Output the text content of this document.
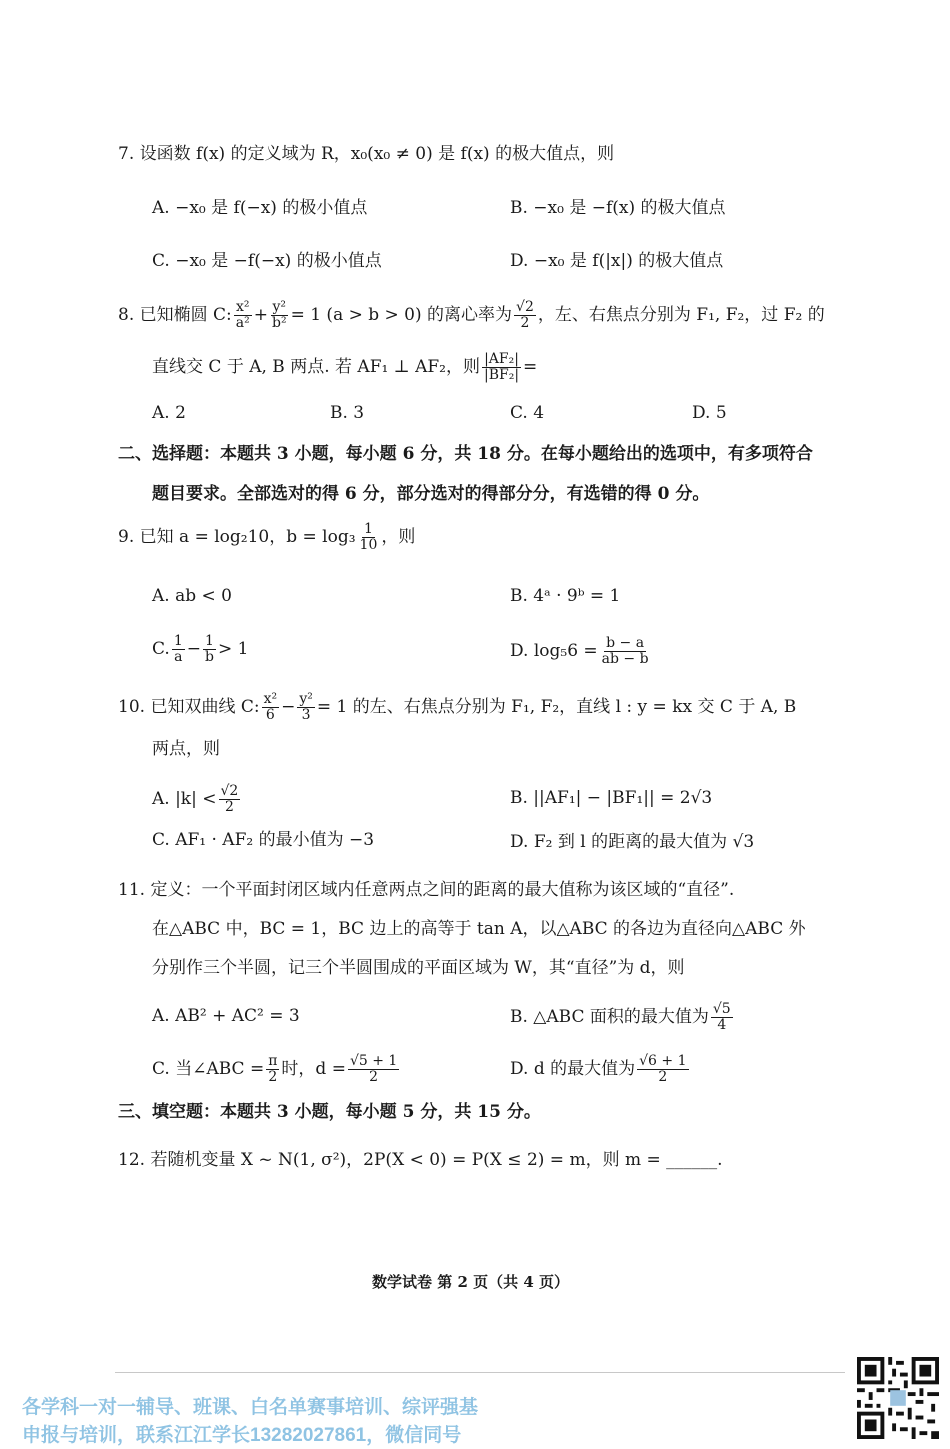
7. 设函数 f(x) 的定义域为 R，x₀(x₀ ≠ 0) 是 f(x) 的极大值点，则
A. −x₀ 是 f(−x) 的极小值点	B. −x₀ 是 −f(x) 的极大值点
C. −x₀ 是 −f(−x) 的极小值点	D. −x₀ 是 f(|x|) 的极大值点
8. 已知椭圆 C: $\frac{\text{x²}}{\text{a²}} + \frac{\text{y²}}{\text{b²}} = 1$ (a > b > 0) 的离心率为 $\frac{√2}{2}$ ，左、右焦点分别为 F₁, F₂，过 F₂ 的
直线交 C 于 A, B 两点. 若 AF₁ ⊥ AF₂，则 $\frac{\text{|AF₂|}}{\text{|BF₂|}}$ =
A. 2	B. 3	C. 4	D. 5
二、选择题：本题共 3 小题，每小题 6 分，共 18 分。在每小题给出的选项中，有多项符合
题目要求。全部选对的得 6 分，部分选对的得部分分，有选错的得 0 分。
9. 已知 a = log₂10，$b = \log_3 \frac{1}{10}$ ，则
A. ab < 0	B. 4ᵃ · 9ᵇ = 1
C. $\frac{1}{a} - \frac{1}{b} > 1$	D. $\log_56 = \frac{b - a}{ab - b}$
10. 已知双曲线 C: $\frac{\text{x²}}{6} - \frac{\text{y²}}{3} = 1$ 的左、右焦点分别为 F₁, F₂，直线 l : y = kx 交 C 于 A, B
两点，则
A. $|k| < \frac{√2}{2}$	B. ||AF₁| − |BF₁|| = 2√3
C. AF₁ · AF₂ 的最小值为 −3	D. F₂ 到 l 的距离的最大值为 √3
11. 定义：一个平面封闭区域内任意两点之间的距离的最大值称为该区域的“直径”.
在△ABC 中，BC = 1，BC 边上的高等于 tan A，以△ABC 的各边为直径向△ABC 外
分别作三个半圆，记三个半圆围成的平面区域为 W，其“直径”为 d，则
A. AB² + AC² = 3	B. △ABC 面积的最大值为 $\frac{√5}{4}$
C. 当∠ABC = $\frac{\pi}{2}$ 时，$d = \frac{√5 + 1}{2}$	D. d 的最大值为 $\frac{√6 + 1}{2}$
三、填空题：本题共 3 小题，每小题 5 分，共 15 分。
12. 若随机变量 X ~ N(1, σ²)，2P(X < 0) = P(X ≤ 2) = m，则 m = ______.
数学试卷 第 2 页（共 4 页）
各学科一对一辅导、班课、白名单赛事培训、综评强基
申报与培训，联系江江学长13282027861，微信同号
